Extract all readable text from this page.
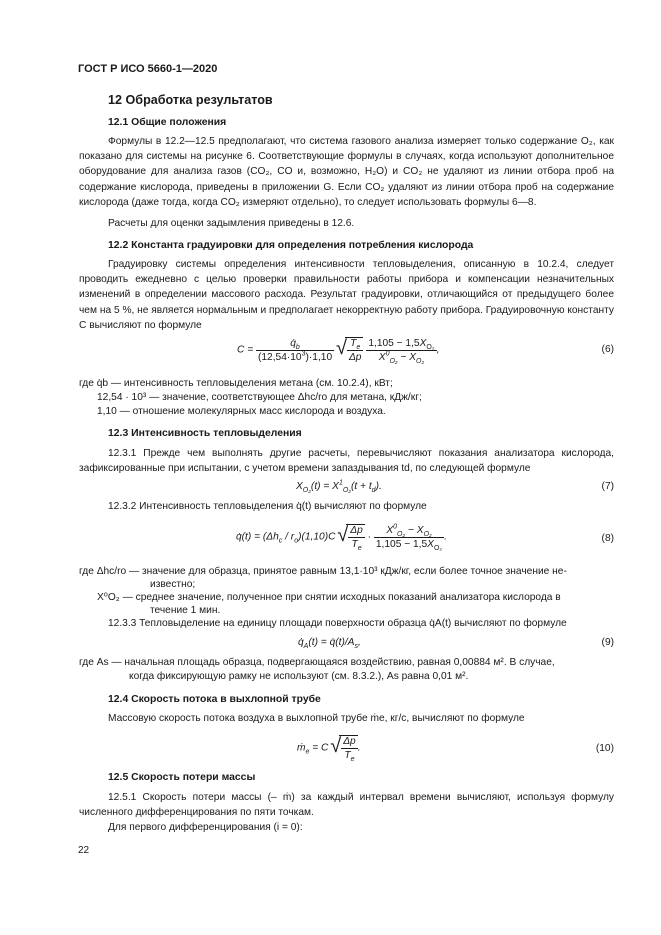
ГОСТ Р ИСО 5660-1—2020
12 Обработка результатов
12.1 Общие положения
Формулы в 12.2—12.5 предполагают, что система газового анализа измеряет только содержание O₂, как показано для системы на рисунке 6. Соответствующие формулы в случаях, когда используют дополнительное оборудование для анализа газов (CO₂, CO и, возможно, H₂O) и CO₂ не удаляют из линии отбора проб на содержание кислорода, приведены в приложении G. Если CO₂ удаляют из линии отбора проб на содержание кислорода (даже тогда, когда CO₂ измеряют отдельно), то следует использовать формулы 6—8.
Расчеты для оценки задымления приведены в 12.6.
12.2 Константа градуировки для определения потребления кислорода
Градуировку системы определения интенсивности тепловыделения, описанную в 10.2.4, следует проводить ежедневно с целью проверки правильности работы прибора и компенсации незначительных изменений в определении массового расхода. Результат градуировки, отличающийся от предыдущего более чем на 5 %, не является нормальным и предполагает некорректную работу прибора. Градуировочную константу C вычисляют по формуле
$C = \frac{q̇_b}{(12,54\cdot 10^3)\cdot 1,10}$
√ $\frac{T_e}{\Delta p}$
$\frac{1,105 - 1,5X_{O_2}}{X^0_{O_2} - X_{O_2}}$ ,	(6)
где q̇b — интенсивность тепловыделения метана (см. 10.2.4), кВт;
12,54 · 10³ — значение, соответствующее Δhc/ro для метана, кДж/кг;
1,10 — отношение молекулярных масс кислорода и воздуха.
12.3 Интенсивность тепловыделения
12.3.1 Прежде чем выполнять другие расчеты, перевычисляют показания анализатора кислорода, зафиксированные при испытании, с учетом времени запаздывания td, по следующей формуле
$X_{O_2}(t) = X^1_{O_2}(t + t_d)$.	(7)
12.3.2 Интенсивность тепловыделения q̇(t) вычисляют по формуле
q̇(t) = $(\Delta h_c / r_o)(1,10)C$ √ $\frac{\Delta p}{T_e} \cdot \frac{X^0_{O_2} - X_{O_2}}{1,105 - 1,5X_{O_2}}$ .	(8)
где Δhc/ro — значение для образца, принятое равным 13,1·10³ кДж/кг, если более точное значение не-
известно;
X⁰O₂ — среднее значение, полученное при снятии исходных показаний анализатора кислорода в
течение 1 мин.
12.3.3 Тепловыделение на единицу площади поверхности образца q̇A(t) вычисляют по формуле
$q̇_A(t)$ = $q̇(t)/A_s$,	(9)
где As — начальная площадь образца, подвергающаяся воздействию, равная 0,00884 м². В случае,
когда фиксирующую рамку не используют (см. 8.3.2.), As равна 0,01 м².
12.4 Скорость потока в выхлопной трубе
Массовую скорость потока воздуха в выхлопной трубе ṁe, кг/с, вычисляют по формуле
ṁ$_e$ = C √ $\frac{\Delta p}{T_e}$ .	(10)
12.5 Скорость потери массы
12.5.1 Скорость потери массы (– ṁ) за каждый интервал времени вычисляют, используя формулу численного дифференцирования по пяти точкам.
Для первого дифференцирования (i = 0):
22
